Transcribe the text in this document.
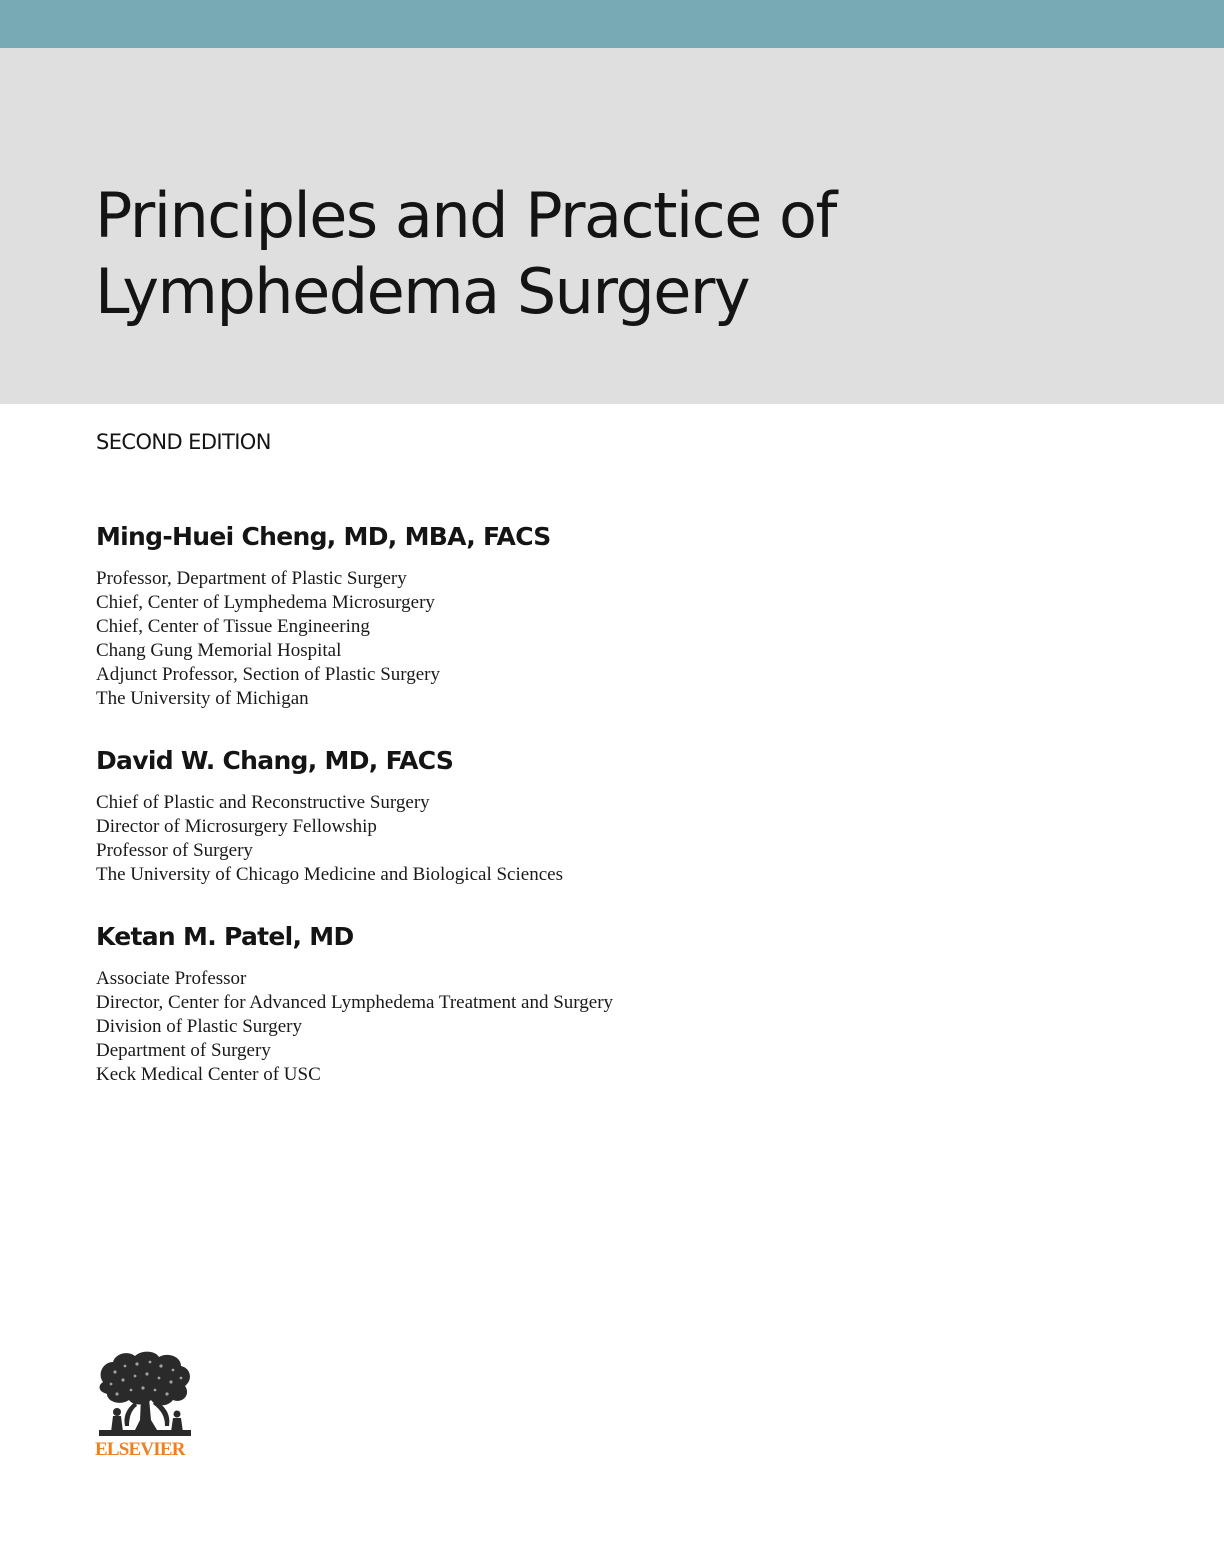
Principles and Practice of
Lymphedema Surgery
SECOND EDITION
Ming-Huei Cheng, MD, MBA, FACS
Professor, Department of Plastic Surgery
Chief, Center of Lymphedema Microsurgery
Chief, Center of Tissue Engineering
Chang Gung Memorial Hospital
Adjunct Professor, Section of Plastic Surgery
The University of Michigan
David W. Chang, MD, FACS
Chief of Plastic and Reconstructive Surgery
Director of Microsurgery Fellowship
Professor of Surgery
The University of Chicago Medicine and Biological Sciences
Ketan M. Patel, MD
Associate Professor
Director, Center for Advanced Lymphedema Treatment and Surgery
Division of Plastic Surgery
Department of Surgery
Keck Medical Center of USC
ELSEVIER
